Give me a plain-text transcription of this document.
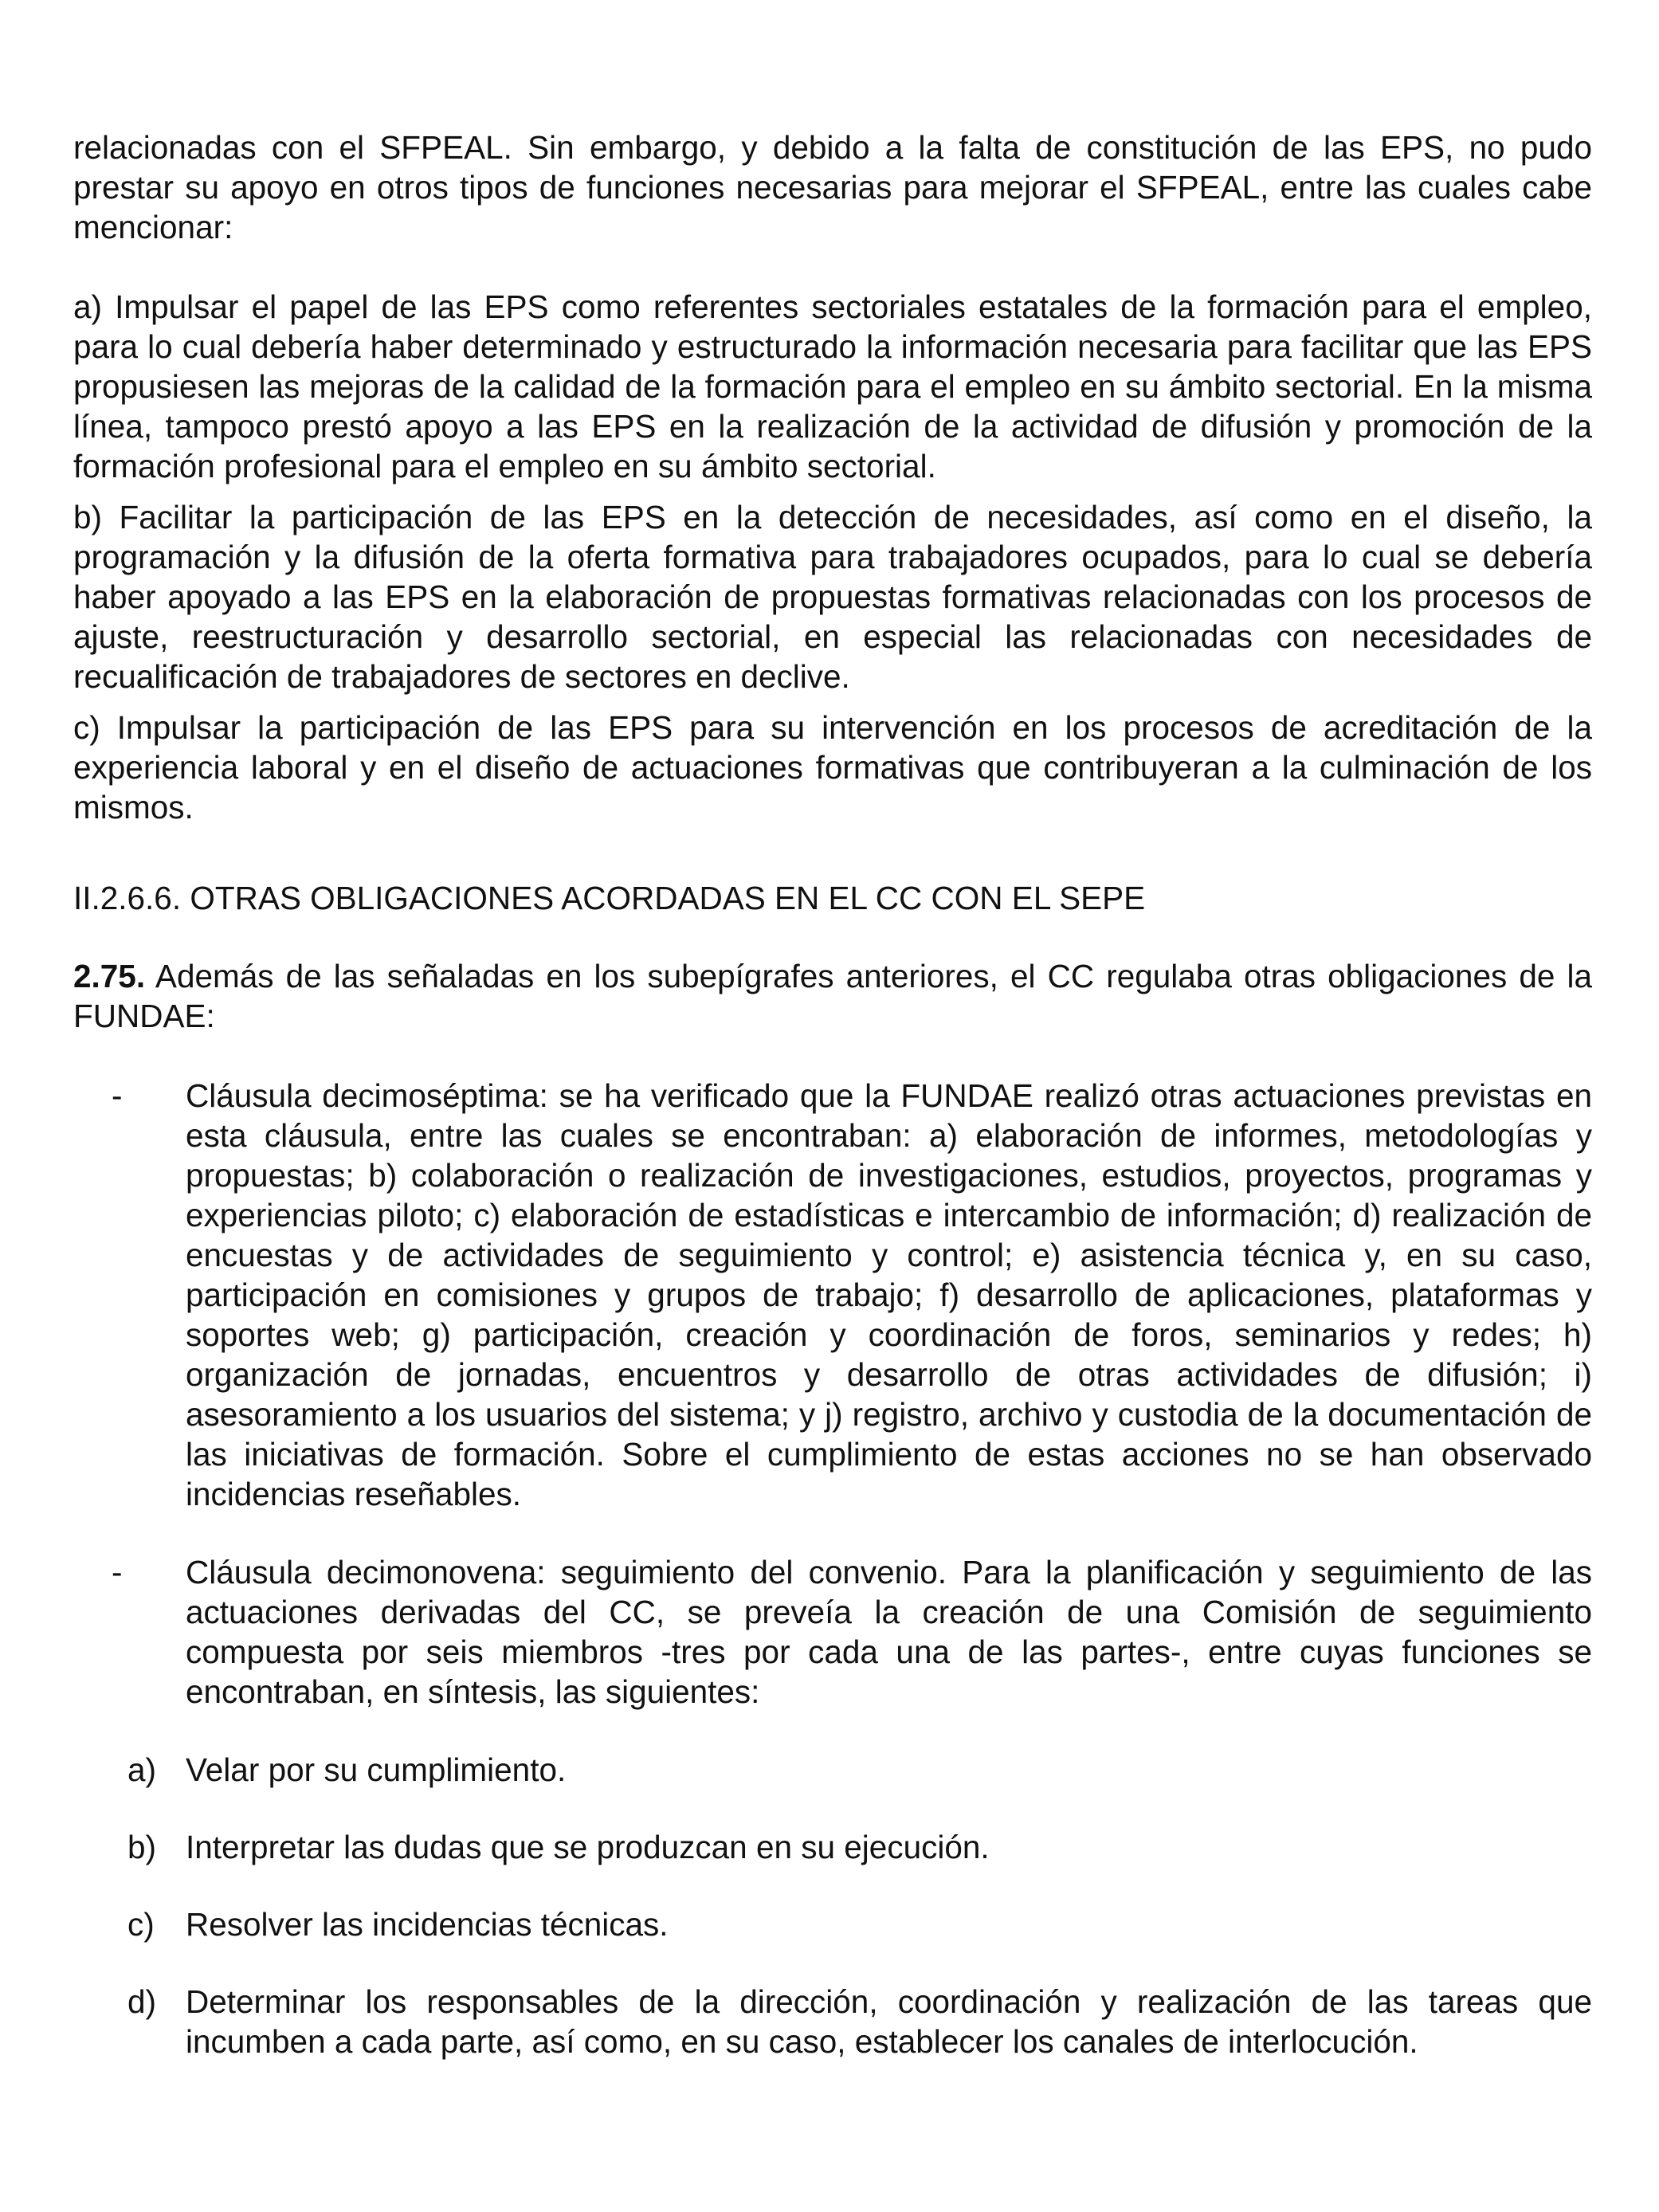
relacionadas con el SFPEAL. Sin embargo, y debido a la falta de constitución de las EPS, no pudo prestar su apoyo en otros tipos de funciones necesarias para mejorar el SFPEAL, entre las cuales cabe mencionar:

a) Impulsar el papel de las EPS como referentes sectoriales estatales de la formación para el empleo, para lo cual debería haber determinado y estructurado la información necesaria para facilitar que las EPS propusiesen las mejoras de la calidad de la formación para el empleo en su ámbito sectorial. En la misma línea, tampoco prestó apoyo a las EPS en la realización de la actividad de difusión y promoción de la formación profesional para el empleo en su ámbito sectorial.

b) Facilitar la participación de las EPS en la detección de necesidades, así como en el diseño, la programación y la difusión de la oferta formativa para trabajadores ocupados, para lo cual se debería haber apoyado a las EPS en la elaboración de propuestas formativas relacionadas con los procesos de ajuste, reestructuración y desarrollo sectorial, en especial las relacionadas con necesidades de recualificación de trabajadores de sectores en declive.

c) Impulsar la participación de las EPS para su intervención en los procesos de acreditación de la experiencia laboral y en el diseño de actuaciones formativas que contribuyeran a la culminación de los mismos.

II.2.6.6. OTRAS OBLIGACIONES ACORDADAS EN EL CC CON EL SEPE

2.75. Además de las señaladas en los subepígrafes anteriores, el CC regulaba otras obligaciones de la FUNDAE:

-	Cláusula decimoséptima: se ha verificado que la FUNDAE realizó otras actuaciones previstas en esta cláusula, entre las cuales se encontraban: a) elaboración de informes, metodologías y propuestas; b) colaboración o realización de investigaciones, estudios, proyectos, programas y experiencias piloto; c) elaboración de estadísticas e intercambio de información; d) realización de encuestas y de actividades de seguimiento y control; e) asistencia técnica y, en su caso, participación en comisiones y grupos de trabajo; f) desarrollo de aplicaciones, plataformas y soportes web; g) participación, creación y coordinación de foros, seminarios y redes; h) organización de jornadas, encuentros y desarrollo de otras actividades de difusión; i) asesoramiento a los usuarios del sistema; y j) registro, archivo y custodia de la documentación de las iniciativas de formación. Sobre el cumplimiento de estas acciones no se han observado incidencias reseñables.
-	Cláusula decimonovena: seguimiento del convenio. Para la planificación y seguimiento de las actuaciones derivadas del CC, se preveía la creación de una Comisión de seguimiento compuesta por seis miembros -tres por cada una de las partes-, entre cuyas funciones se encontraban, en síntesis, las siguientes:
a) Velar por su cumplimiento.
b) Interpretar las dudas que se produzcan en su ejecución.
c) Resolver las incidencias técnicas.
d) Determinar los responsables de la dirección, coordinación y realización de las tareas que incumben a cada parte, así como, en su caso, establecer los canales de interlocución.
